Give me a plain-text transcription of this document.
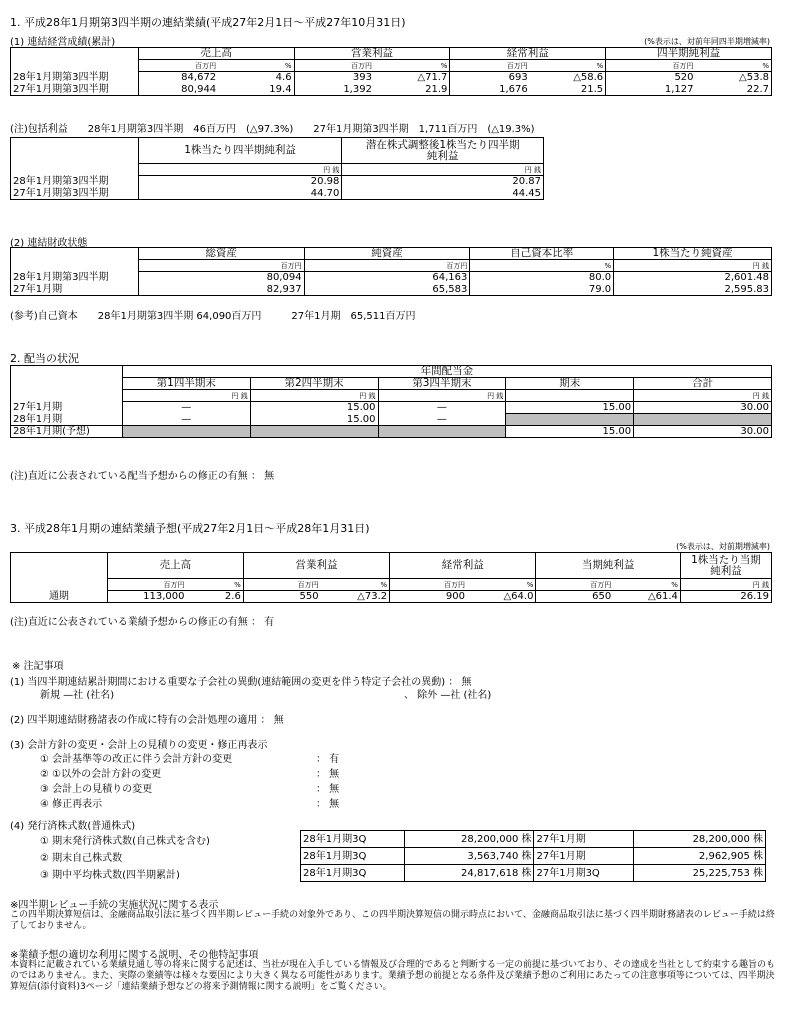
1. 平成28年1月期第3四半期の連結業績(平成27年2月1日～平成27年10月31日)
(1) 連結経営成績(累計)	(%表示は、対前年同四半期増減率)
	売上高		営業利益		経常利益		四半期純利益	
	百万円	%	百万円	%	百万円	%	百万円	%
28年1月期第3四半期	84,672	4.6	393	△71.7	693	△58.6	520	△53.8
27年1月期第3四半期	80,944	19.4	1,392	21.9	1,676	21.5	1,127	22.7
(注)包括利益　　28年1月期第3四半期　46百万円　(△97.3%)　　27年1月期第3四半期　1,711百万円　(△19.3%)
	1株当たり四半期純利益	潜在株式調整後1株当たり四半期
純利益
	円 銭	円 銭
28年1月期第3四半期	20.98	20.87
27年1月期第3四半期	44.70	44.45
(2) 連結財政状態
	総資産	純資産	自己資本比率	1株当たり純資産
	百万円	百万円	%	円 銭
28年1月期第3四半期	80,094	64,163	80.0	2,601.48
27年1月期	82,937	65,583	79.0	2,595.83
(参考)自己資本　　28年1月期第3四半期 64,090百万円　　　27年1月期　65,511百万円
2. 配当の状況
	年間配当金				
	第1四半期末	第2四半期末	第3四半期末	期末	合計
	円 銭	円 銭	円 銭		円 銭
27年1月期	—	15.00	—	15.00	30.00
28年1月期	—	15.00	—		
28年1月期(予想)				15.00	30.00
(注)直近に公表されている配当予想からの修正の有無 ： 無
3. 平成28年1月期の連結業績予想(平成27年2月1日～平成28年1月31日)
(%表示は、対前期増減率)
	売上高		営業利益		経常利益		当期純利益		1株当たり当期
純利益
	百万円	%	百万円	%	百万円	%	百万円	%	円 銭
通期	113,000	2.6	550	△73.2	900	△64.0	650	△61.4	26.19
(注)直近に公表されている業績予想からの修正の有無 ： 有
※ 注記事項
(1) 当四半期連結累計期間における重要な子会社の異動(連結範囲の変更を伴う特定子会社の異動) ： 無
新規 —社 (社名)	、 除外 —社 (社名)
(2) 四半期連結財務諸表の作成に特有の会計処理の適用 ： 無
(3) 会計方針の変更・会計上の見積りの変更・修正再表示
① 会計基準等の改正に伴う会計方針の変更	： 有
② ①以外の会計方針の変更	： 無
③ 会計上の見積りの変更	： 無
④ 修正再表示	： 無
(4) 発行済株式数(普通株式)
① 期末発行済株式数(自己株式を含む)
② 期末自己株式数
③ 期中平均株式数(四半期累計)
28年1月期3Q	28,200,000 株	27年1月期	28,200,000 株
28年1月期3Q	3,563,740 株	27年1月期	2,962,905 株
28年1月期3Q	24,817,618 株	27年1月期3Q	25,225,753 株
※四半期レビュー手続の実施状況に関する表示
この四半期決算短信は、金融商品取引法に基づく四半期レビュー手続の対象外であり、この四半期決算短信の開示時点において、金融商品取引法に基づく四半期財務諸表のレビュー手続は終了しておりません。
※業績予想の適切な利用に関する説明、その他特記事項
本資料に記載されている業績見通し等の将来に関する記述は、当社が現在入手している情報及び合理的であると判断する一定の前提に基づいており、その達成を当社として約束する趣旨のものではありません。また、実際の業績等は様々な要因により大きく異なる可能性があります。業績予想の前提となる条件及び業績予想のご利用にあたっての注意事項等については、四半期決算短信(添付資料)3ページ「連結業績予想などの将来予測情報に関する説明」をご覧ください。
